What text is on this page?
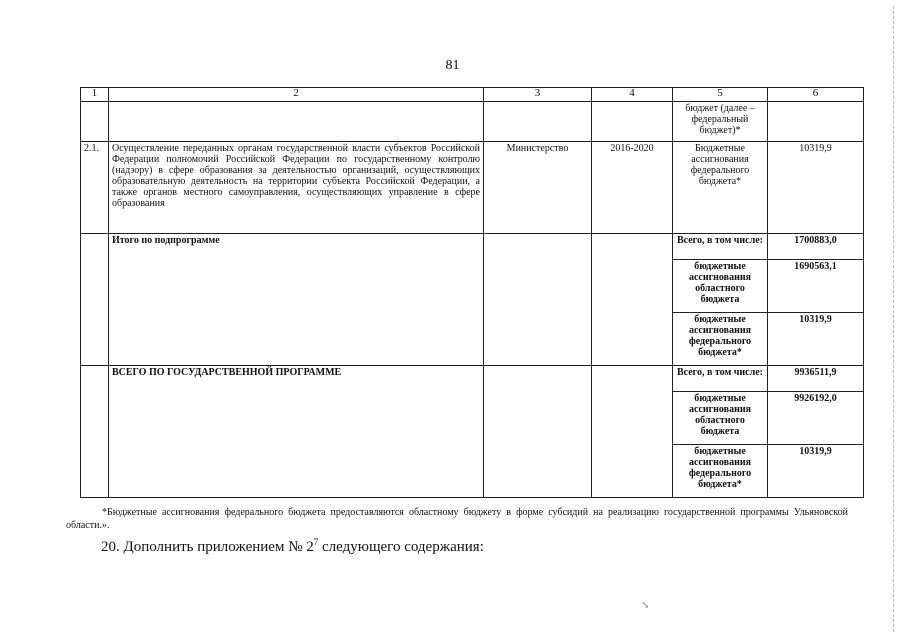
81
1	2	3	4	5	6
				бюджет (далее – федеральный бюджет)*	
2.1.	Осуществление переданных органам государственной власти субъектов Российской Федерации полномочий Российской Федерации по государственному контролю (надзору) в сфере образования за деятельностью организаций, осуществляющих образовательную деятельность на территории субъекта Российской Федерации, а также органов местного самоуправления, осуществляющих управление в сфере образования	Министерство	2016-2020	Бюджетные ассигнования федерального бюджета*	10319,9
	Итого по подпрограмме			Всего, в том числе:	1700883,0
				бюджетные ассигнования областного бюджета	1690563,1
				бюджетные ассигнования федерального бюджета*	10319,9
	ВСЕГО ПО ГОСУДАРСТВЕННОЙ ПРОГРАММЕ			Всего, в том числе:	9936511,9
				бюджетные ассигнования областного бюджета	9926192,0
				бюджетные ассигнования федерального бюджета*	10319,9
*Бюджетные ассигнования федерального бюджета предоставляются областному бюджету в форме субсидий на реализацию государственной программы Ульяновской области.».
20. Дополнить приложением № $2^7$ следующего содержания:
↘
